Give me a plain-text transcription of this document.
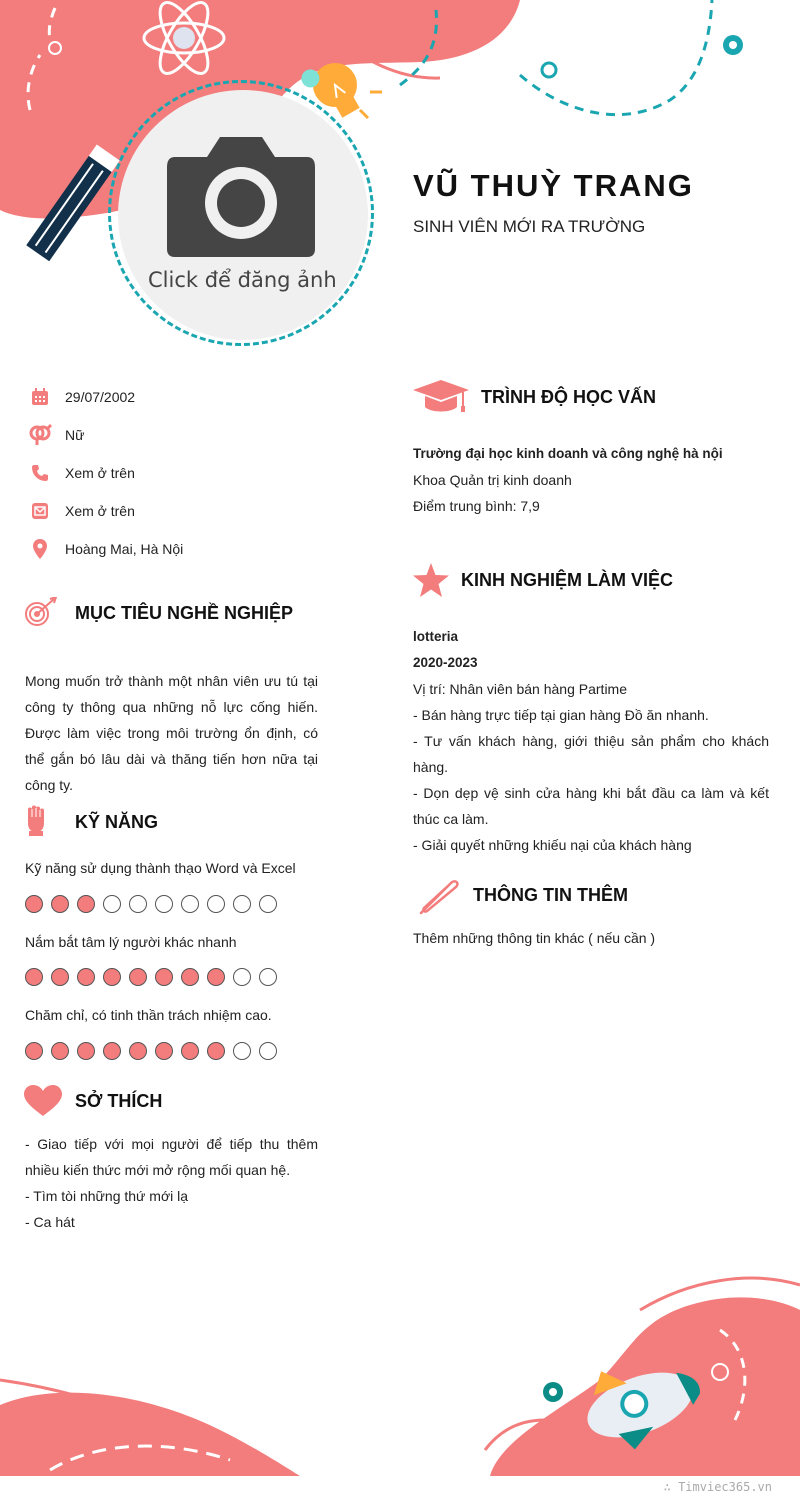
Click để đăng ảnh
VŨ THUỲ TRANG
SINH VIÊN MỚI RA TRƯỜNG
29/07/2002
Nữ
Xem ở trên
Xem ở trên
Hoàng Mai, Hà Nội
MỤC TIÊU NGHỀ NGHIỆP
Mong muốn trở thành một nhân viên ưu tú tại công ty thông qua những nỗ lực cống hiến. Được làm việc trong môi trường ổn định, có thể gắn bó lâu dài và thăng tiến hơn nữa tại công ty.
KỸ NĂNG
Kỹ năng sử dụng thành thạo Word và Excel
Nắm bắt tâm lý người khác nhanh
Chăm chỉ, có tinh thần trách nhiệm cao.
SỞ THÍCH
- Giao tiếp với mọi người để tiếp thu thêm nhiều kiến thức mới mở rộng mối quan hệ.
- Tìm tòi những thứ mới lạ
- Ca hát
TRÌNH ĐỘ HỌC VẤN
Trường đại học kinh doanh và công nghệ hà nội
Khoa Quản trị kinh doanh
Điểm trung bình: 7,9
KINH NGHIỆM LÀM VIỆC
lotteria
2020-2023
Vị trí: Nhân viên bán hàng Partime
- Bán hàng trực tiếp tại gian hàng Đồ ăn nhanh.
- Tư vấn khách hàng, giới thiệu sản phẩm cho khách hàng.
- Dọn dẹp vệ sinh cửa hàng khi bắt đầu ca làm và kết thúc ca làm.
- Giải quyết những khiếu nại của khách hàng
THÔNG TIN THÊM
Thêm những thông tin khác ( nếu cần )
∴ Timviec365.vn
